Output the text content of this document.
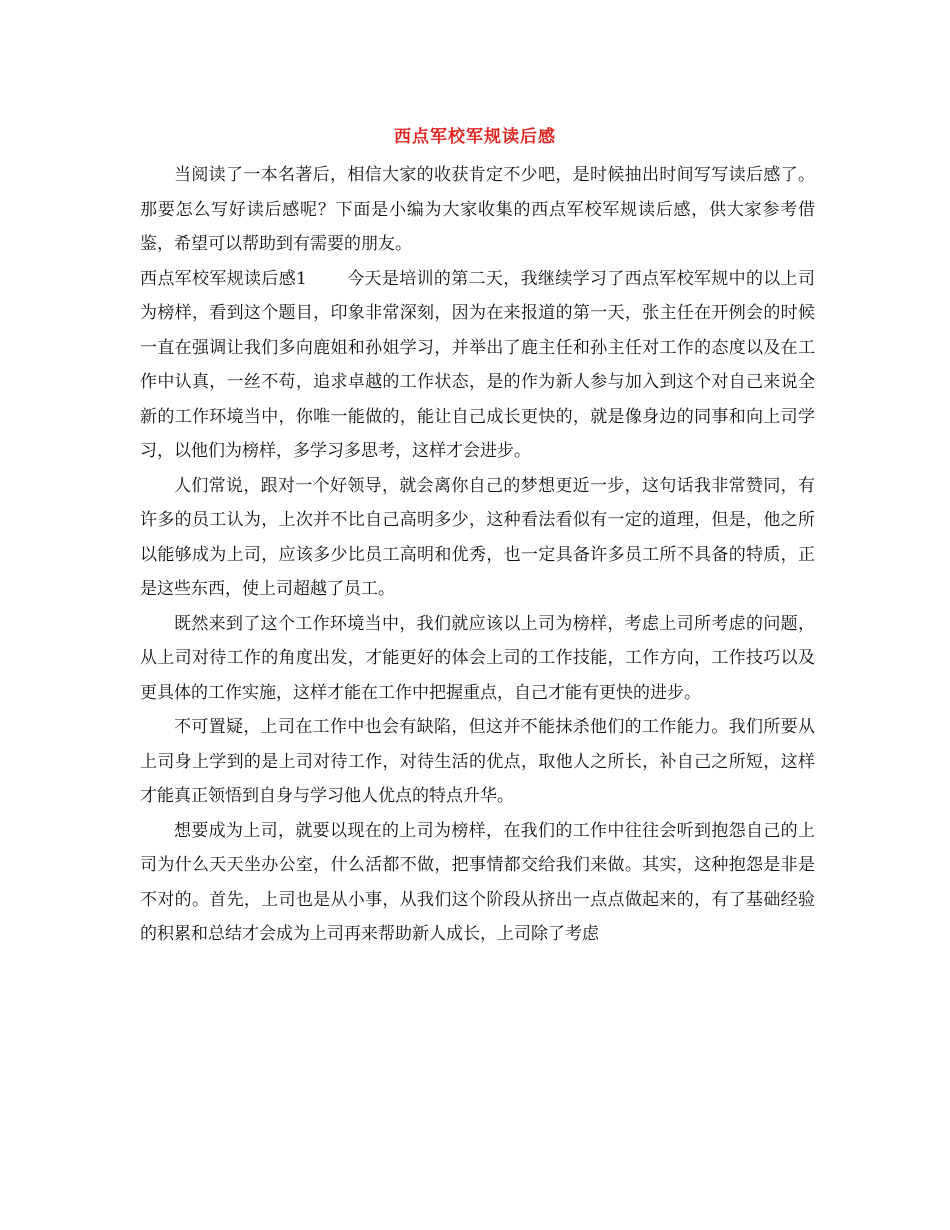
西点军校军规读后感

当阅读了一本名著后，相信大家的收获肯定不少吧，是时候抽出时间写写读后感了。那要怎么写好读后感呢？下面是小编为大家收集的西点军校军规读后感，供大家参考借鉴，希望可以帮助到有需要的朋友。

西点军校军规读后感1 今天是培训的第二天，我继续学习了西点军校军规中的以上司为榜样，看到这个题目，印象非常深刻，因为在来报道的第一天，张主任在开例会的时候一直在强调让我们多向鹿姐和孙姐学习，并举出了鹿主任和孙主任对工作的态度以及在工作中认真，一丝不苟，追求卓越的工作状态，是的作为新人参与加入到这个对自己来说全新的工作环境当中，你唯一能做的，能让自己成长更快的，就是像身边的同事和向上司学习，以他们为榜样，多学习多思考，这样才会进步。

人们常说，跟对一个好领导，就会离你自己的梦想更近一步，这句话我非常赞同，有许多的员工认为，上次并不比自己高明多少，这种看法看似有一定的道理，但是，他之所以能够成为上司，应该多少比员工高明和优秀，也一定具备许多员工所不具备的特质，正是这些东西，使上司超越了员工。

既然来到了这个工作环境当中，我们就应该以上司为榜样，考虑上司所考虑的问题，从上司对待工作的角度出发，才能更好的体会上司的工作技能，工作方向，工作技巧以及更具体的工作实施，这样才能在工作中把握重点，自己才能有更快的进步。

不可置疑，上司在工作中也会有缺陷，但这并不能抹杀他们的工作能力。我们所要从上司身上学到的是上司对待工作，对待生活的优点，取他人之所长，补自己之所短，这样才能真正领悟到自身与学习他人优点的特点升华。

想要成为上司，就要以现在的上司为榜样，在我们的工作中往往会听到抱怨自己的上司为什么天天坐办公室，什么活都不做，把事情都交给我们来做。其实，这种抱怨是非是不对的。首先，上司也是从小事，从我们这个阶段从挤出一点点做起来的，有了基础经验的积累和总结才会成为上司再来帮助新人成长，上司除了考虑
